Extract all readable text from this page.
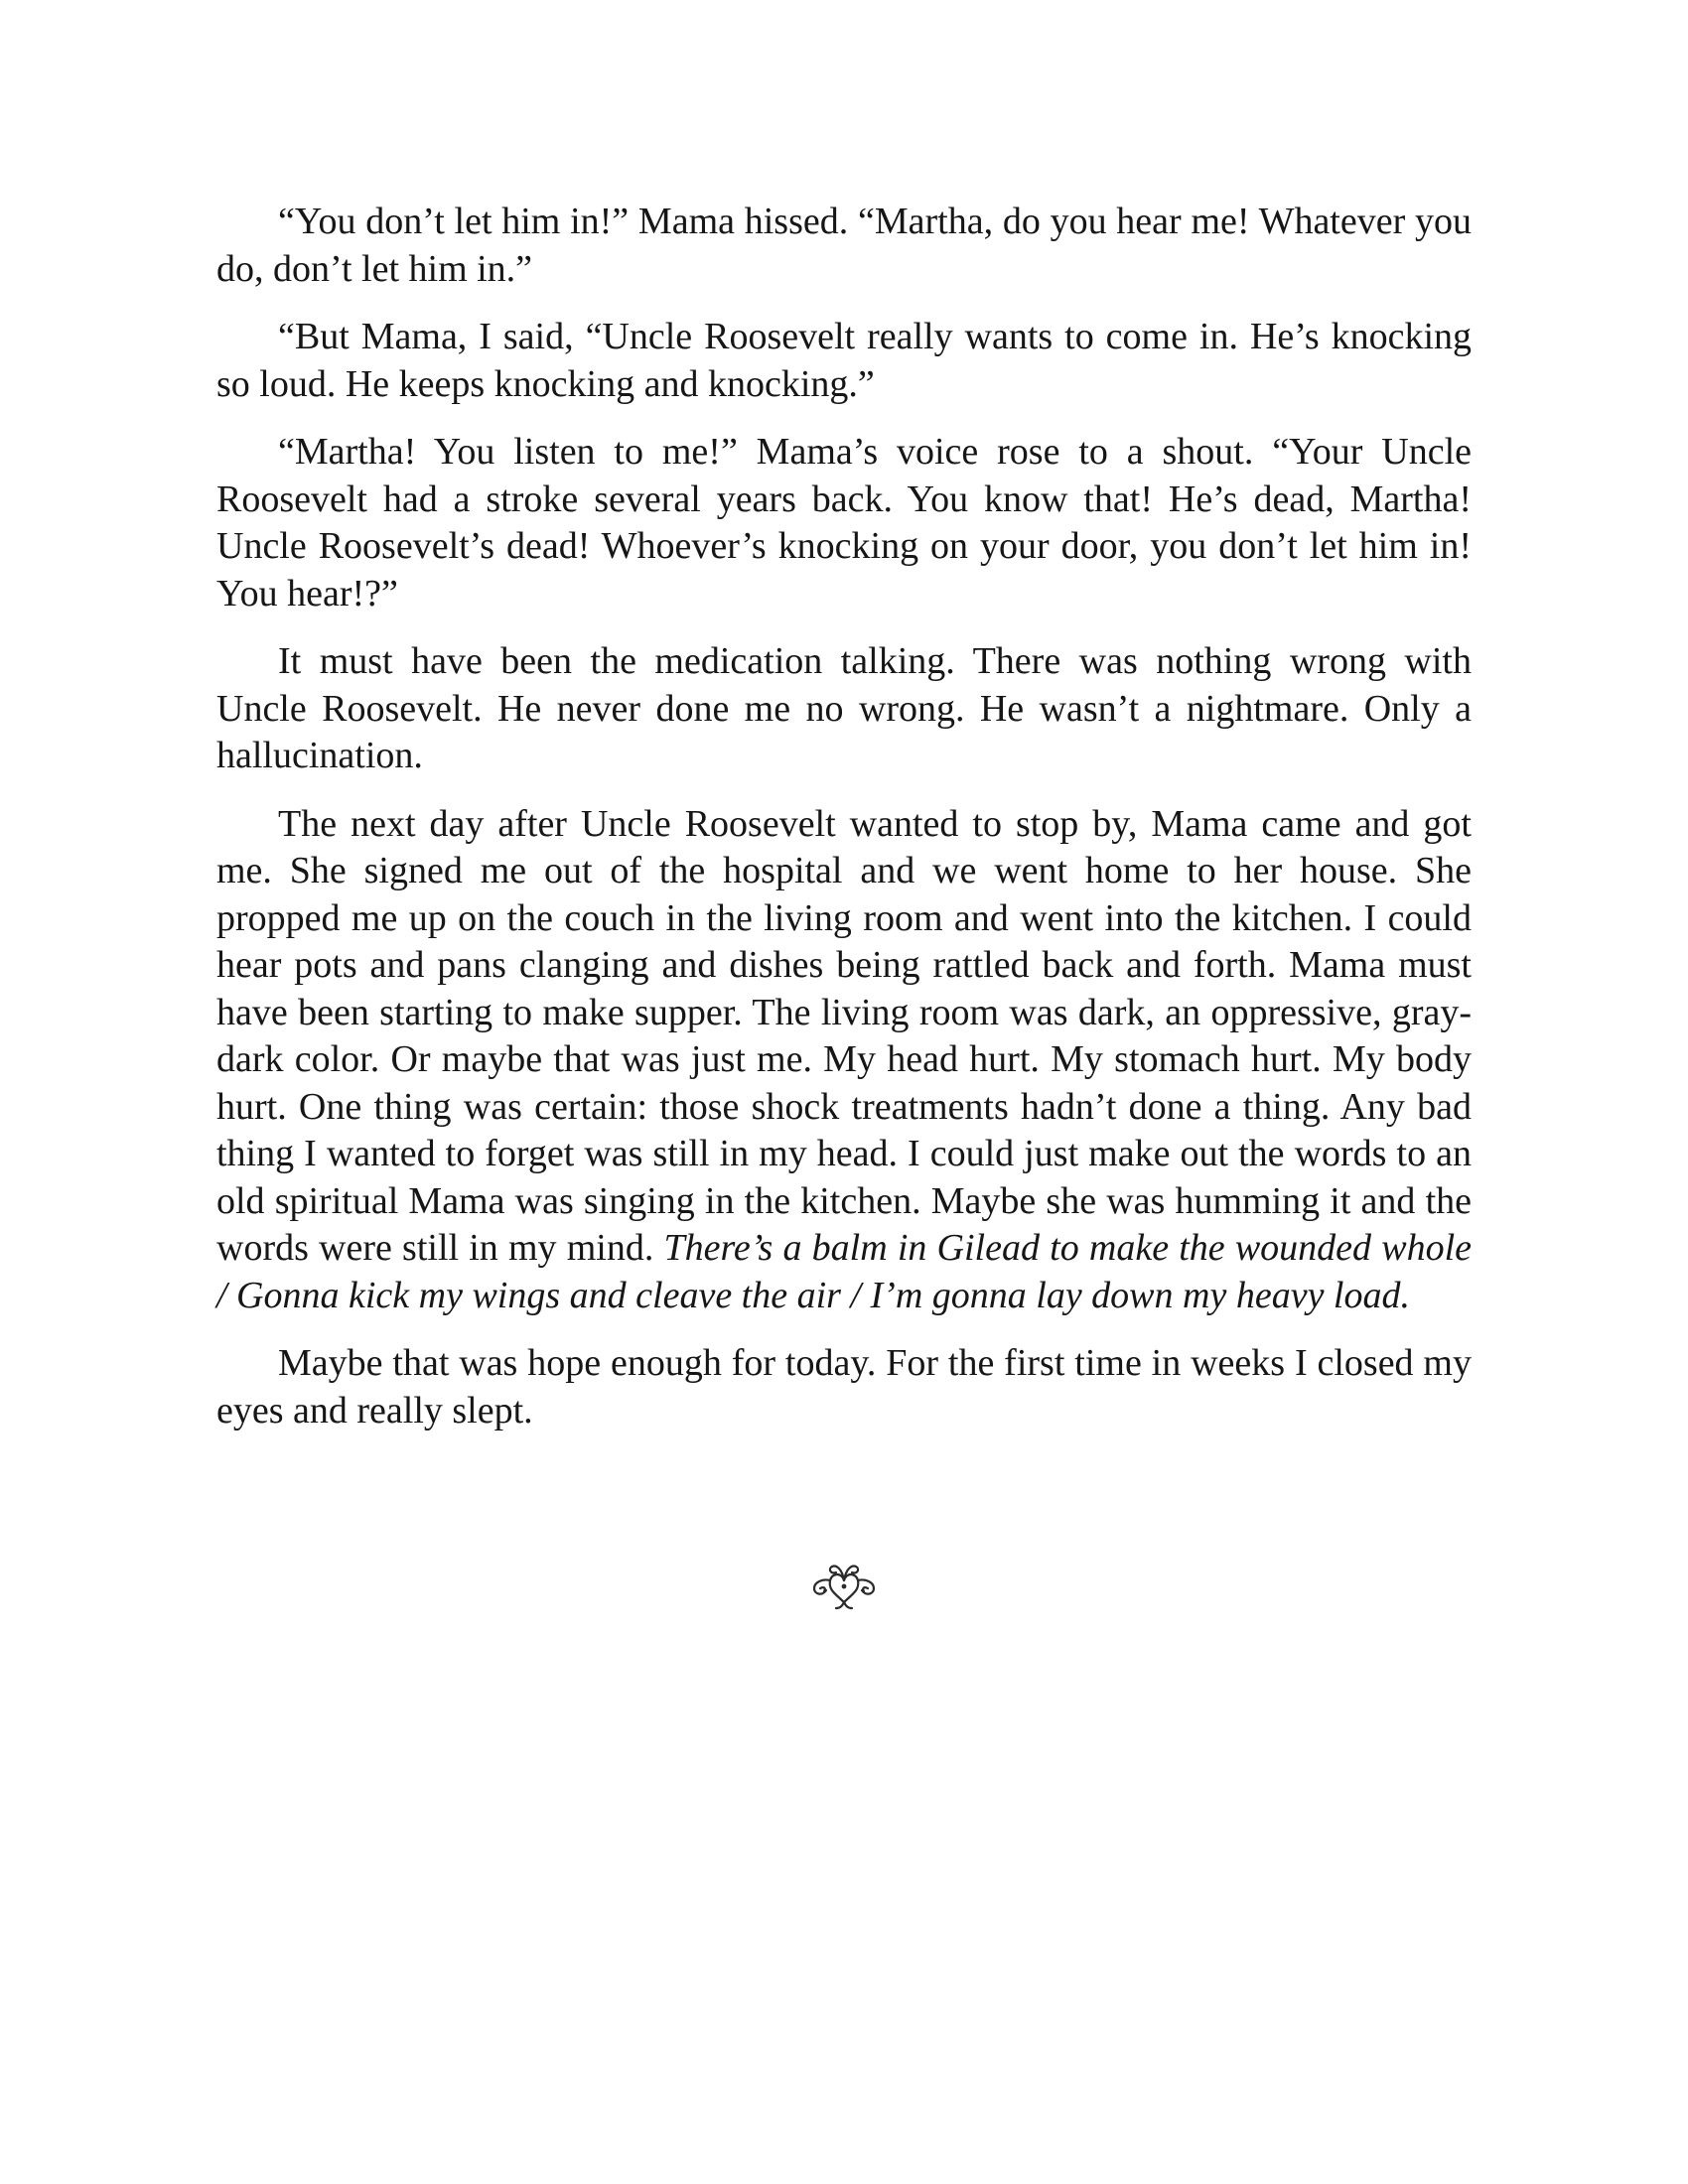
“You don’t let him in!” Mama hissed. “Martha, do you hear me! Whatever you do, don’t let him in.”

“But Mama, I said, “Uncle Roosevelt really wants to come in. He’s knocking so loud. He keeps knocking and knocking.”

“Martha! You listen to me!” Mama’s voice rose to a shout. “Your Uncle Roosevelt had a stroke several years back. You know that! He’s dead, Martha! Uncle Roosevelt’s dead! Whoever’s knocking on your door, you don’t let him in! You hear!?”

It must have been the medication talking. There was nothing wrong with Uncle Roosevelt. He never done me no wrong. He wasn’t a nightmare. Only a hallucination.

The next day after Uncle Roosevelt wanted to stop by, Mama came and got me. She signed me out of the hospital and we went home to her house. She propped me up on the couch in the living room and went into the kitchen. I could hear pots and pans clanging and dishes being rattled back and forth. Mama must have been starting to make supper. The living room was dark, an oppressive, gray-dark color. Or maybe that was just me. My head hurt. My stomach hurt. My body hurt. One thing was certain: those shock treatments hadn’t done a thing. Any bad thing I wanted to forget was still in my head. I could just make out the words to an old spiritual Mama was singing in the kitchen. Maybe she was humming it and the words were still in my mind. There’s a balm in Gilead to make the wounded whole / Gonna kick my wings and cleave the air / I’m gonna lay down my heavy load.

Maybe that was hope enough for today. For the first time in weeks I closed my eyes and really slept.
